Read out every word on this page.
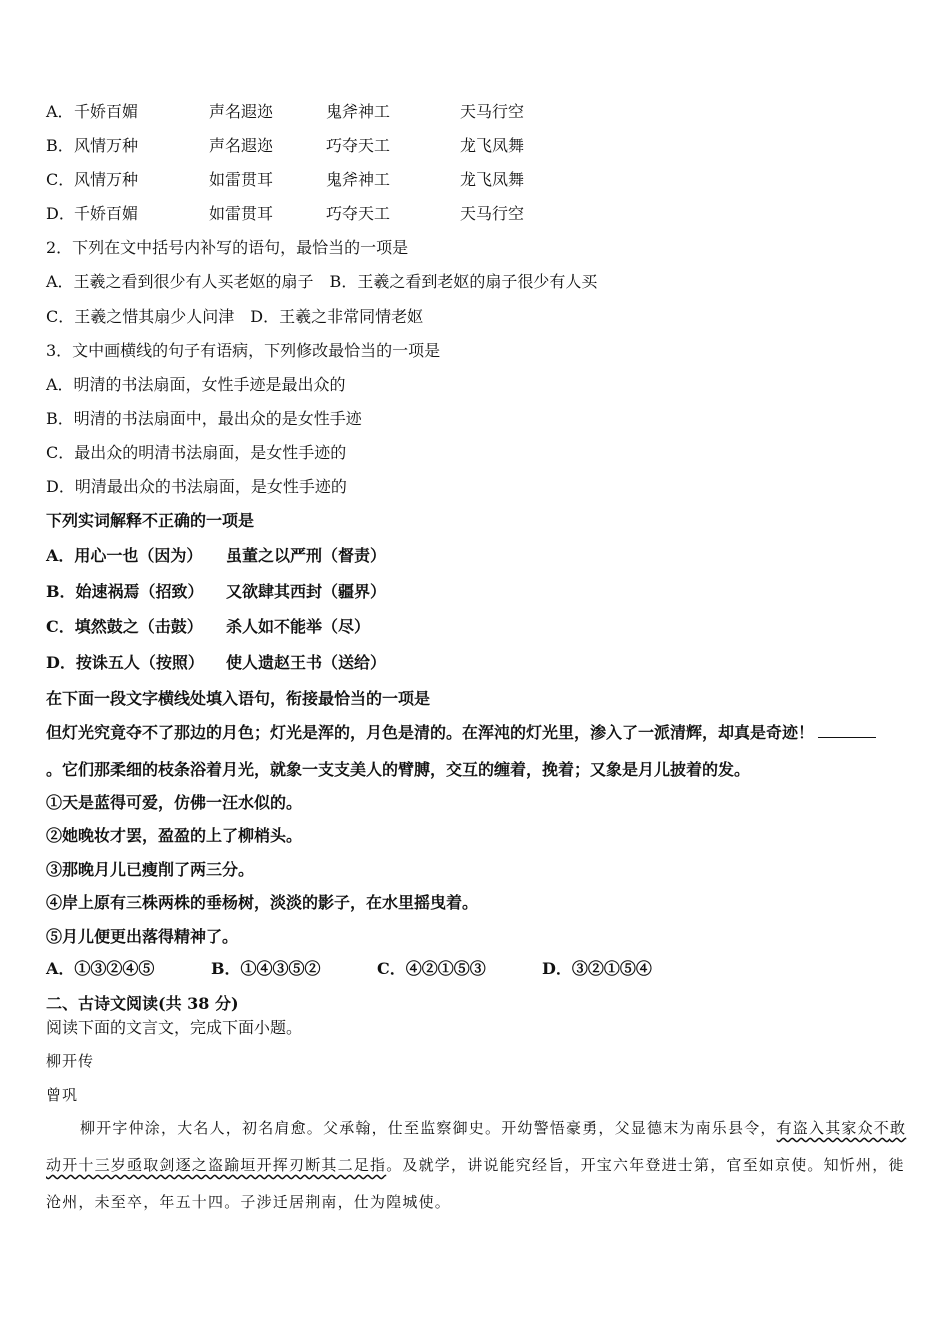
A． 千娇百媚	声名遐迩	鬼斧神工	天马行空
B． 风情万种	声名遐迩	巧夺天工	龙飞凤舞
C． 风情万种	如雷贯耳	鬼斧神工	龙飞凤舞
D． 千娇百媚	如雷贯耳	巧夺天工	天马行空
2．下列在文中括号内补写的语句，最恰当的一项是
A．王羲之看到很少有人买老妪的扇子　B．王羲之看到老妪的扇子很少有人买
C．王羲之惜其扇少人问津　D．王羲之非常同情老妪
3．文中画横线的句子有语病，下列修改最恰当的一项是
A．明清的书法扇面，女性手迹是最出众的
B．明清的书法扇面中，最出众的是女性手迹
C．最出众的明清书法扇面，是女性手迹的
D．明清最出众的书法扇面，是女性手迹的
下列实词解释不正确的一项是
A．用心一也（因为） 虽董之以严刑（督责）
B．始速祸焉（招致） 又欲肆其西封（疆界）
C．填然鼓之（击鼓） 杀人如不能举（尽）
D．按诛五人（按照） 使人遗赵王书（送给）
在下面一段文字横线处填入语句，衔接最恰当的一项是
但灯光究竟夺不了那边的月色；灯光是浑的，月色是清的。在浑沌的灯光里，渗入了一派清辉，却真是奇迹！
。它们那柔细的枝条浴着月光，就象一支支美人的臂膊，交互的缠着，挽着；又象是月儿披着的发。
①天是蓝得可爱，仿佛一汪水似的。
②她晚妆才罢，盈盈的上了柳梢头。
③那晚月儿已瘦削了两三分。
④岸上原有三株两株的垂杨树，淡淡的影子，在水里摇曳着。
⑤月儿便更出落得精神了。
A．①③②④⑤	B．①④③⑤②	C．④②①⑤③	D．③②①⑤④
二、古诗文阅读(共 38 分)
阅读下面的文言文，完成下面小题。
柳开传
曾巩
柳开字仲涂，大名人，初名肩愈。父承翰，仕至监察御史。开幼警悟豪勇，父显德末为南乐县令，有盗入其家众不敢动开十三岁亟取剑逐之盗踰垣开挥刃断其二足指。及就学，讲说能究经旨，开宝六年登进士第，官至如京使。知忻州，徙沧州，未至卒，年五十四。子涉迁居荆南，仕为隍城使。
